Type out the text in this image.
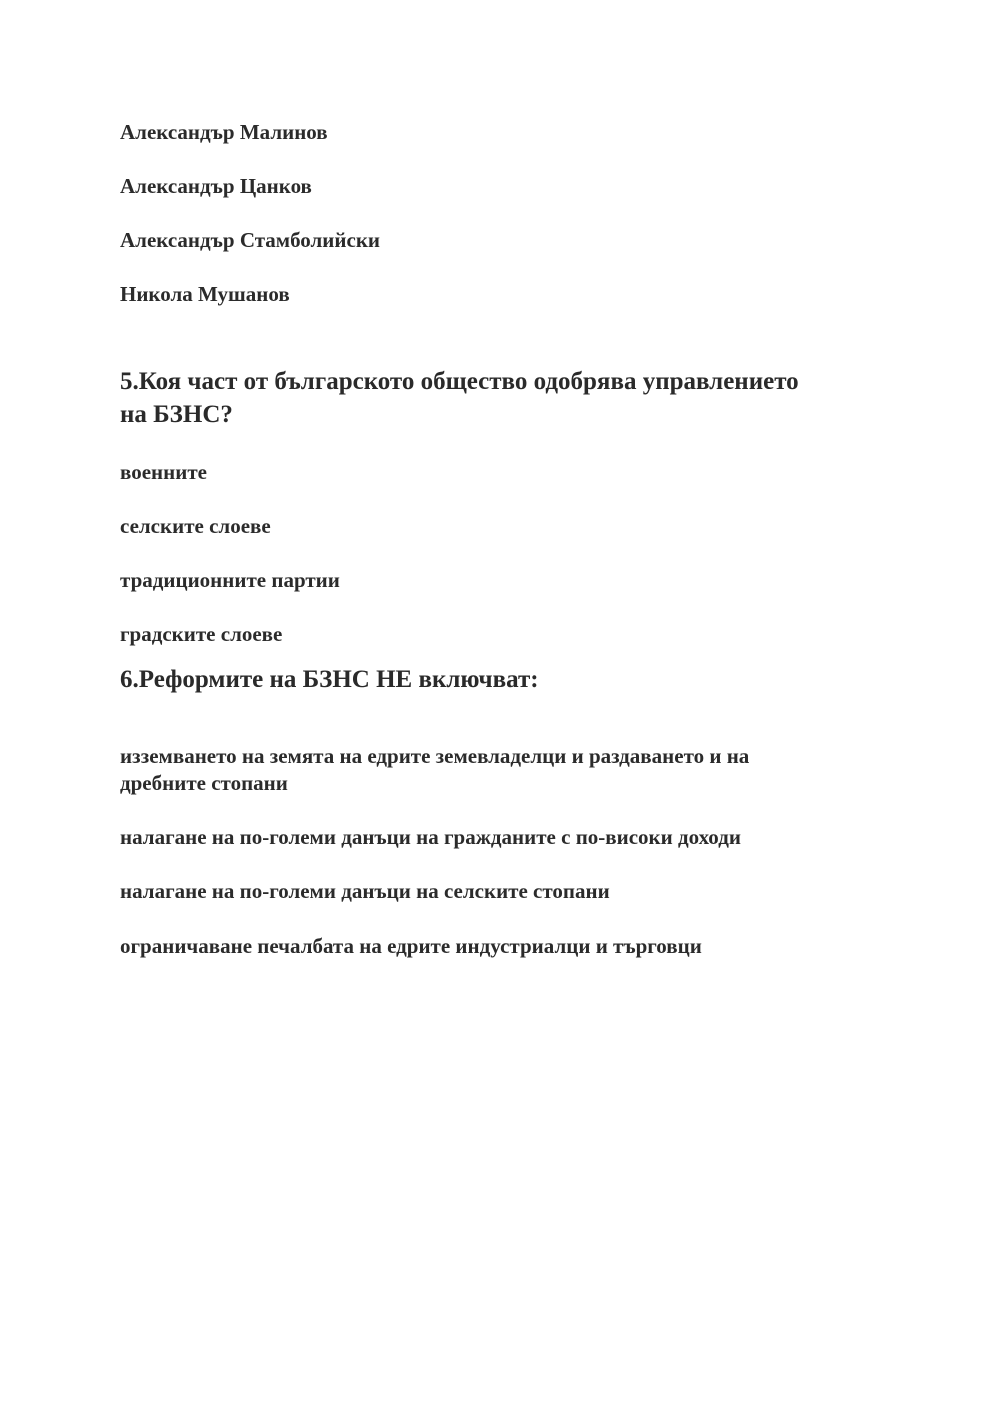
Александър Малинов
Александър Цанков
Александър Стамболийски
Никола Мушанов
5.Коя част от българското общество одобрява управлението
на БЗНС?
военните
селските слоеве
традиционните партии
градските слоеве
6.Реформите на БЗНС НЕ включват:
изземването на земята на едрите земевладелци и раздаването и на
дребните стопани
налагане на по-големи данъци на гражданите с по-високи доходи
налагане на по-големи данъци на селските стопани
ограничаване печалбата на едрите индустриалци и търговци
